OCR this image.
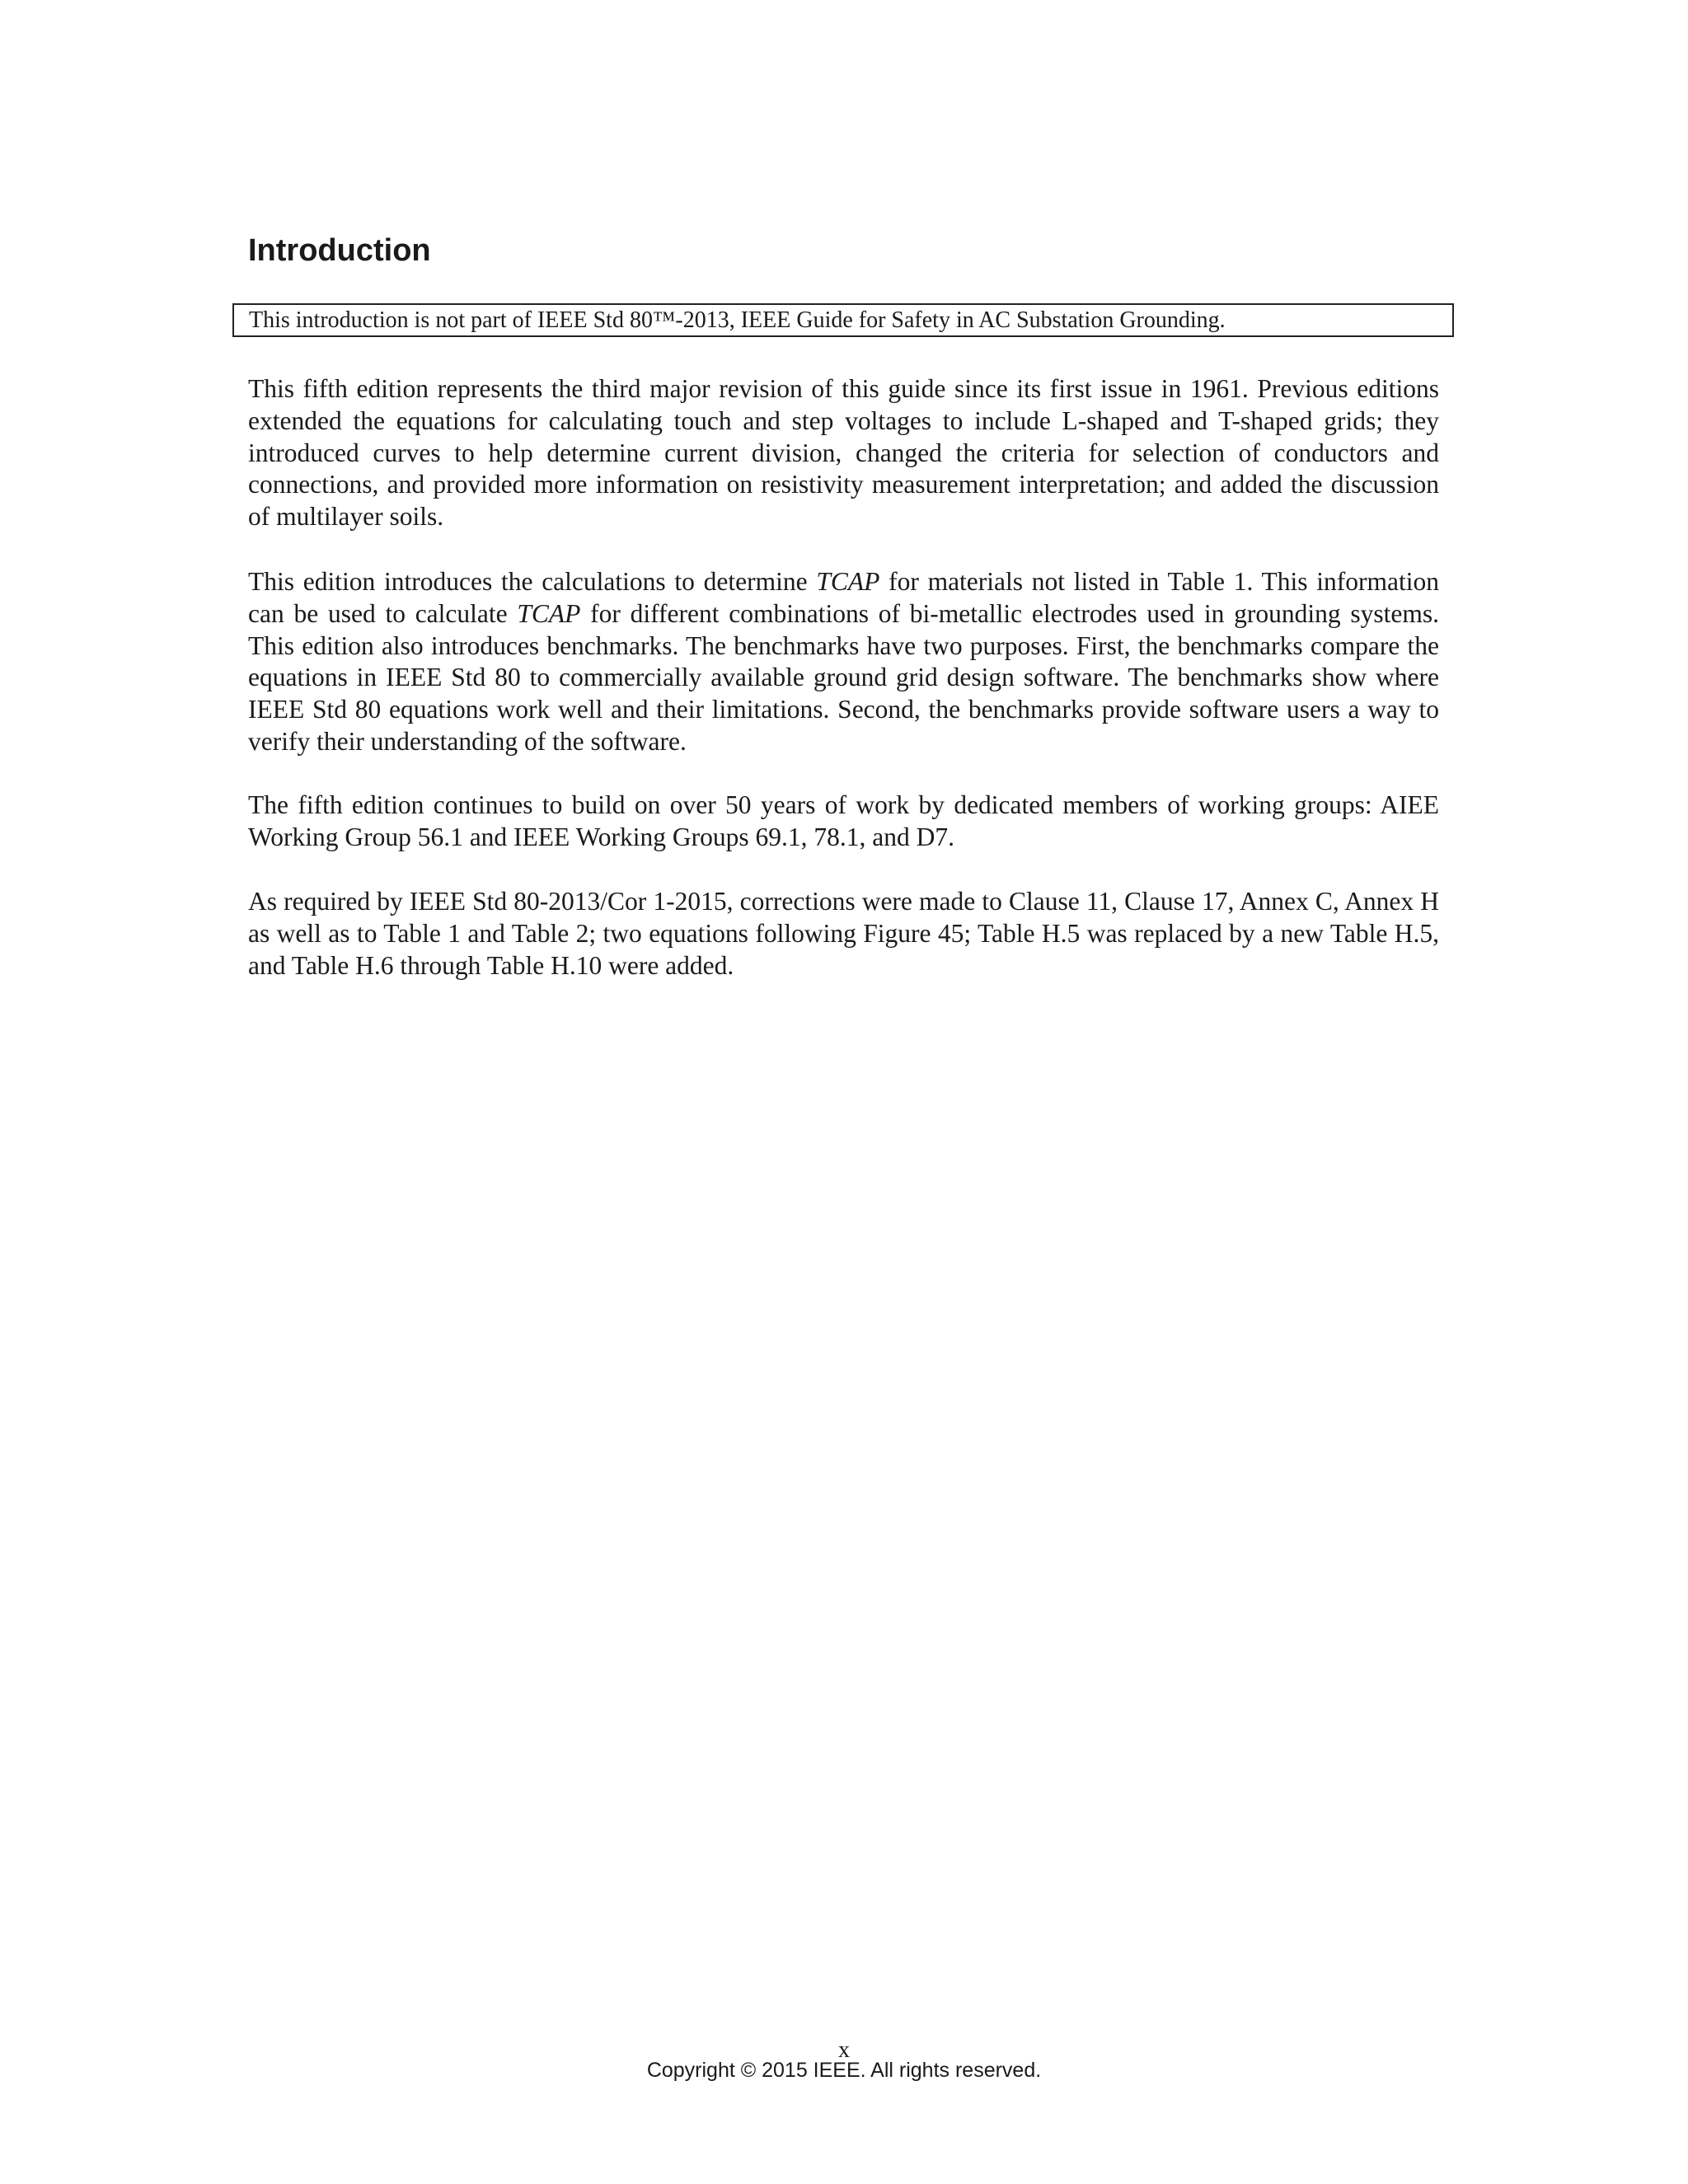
Introduction
This introduction is not part of IEEE Std 80™-2013, IEEE Guide for Safety in AC Substation Grounding.

This fifth edition represents the third major revision of this guide since its first issue in 1961. Previous editions extended the equations for calculating touch and step voltages to include L-shaped and T-shaped grids; they introduced curves to help determine current division, changed the criteria for selection of conductors and connections, and provided more information on resistivity measurement interpretation; and added the discussion of multilayer soils.

This edition introduces the calculations to determine TCAP for materials not listed in Table 1. This information can be used to calculate TCAP for different combinations of bi-metallic electrodes used in grounding systems. This edition also introduces benchmarks. The benchmarks have two purposes. First, the benchmarks compare the equations in IEEE Std 80 to commercially available ground grid design software. The benchmarks show where IEEE Std 80 equations work well and their limitations. Second, the benchmarks provide software users a way to verify their understanding of the software.

The fifth edition continues to build on over 50 years of work by dedicated members of working groups: AIEE Working Group 56.1 and IEEE Working Groups 69.1, 78.1, and D7.

As required by IEEE Std 80-2013/Cor 1-2015, corrections were made to Clause 11, Clause 17, Annex C, Annex H as well as to Table 1 and Table 2; two equations following Figure 45; Table H.5 was replaced by a new Table H.5, and Table H.6 through Table H.10 were added.

x
Copyright © 2015 IEEE. All rights reserved.
